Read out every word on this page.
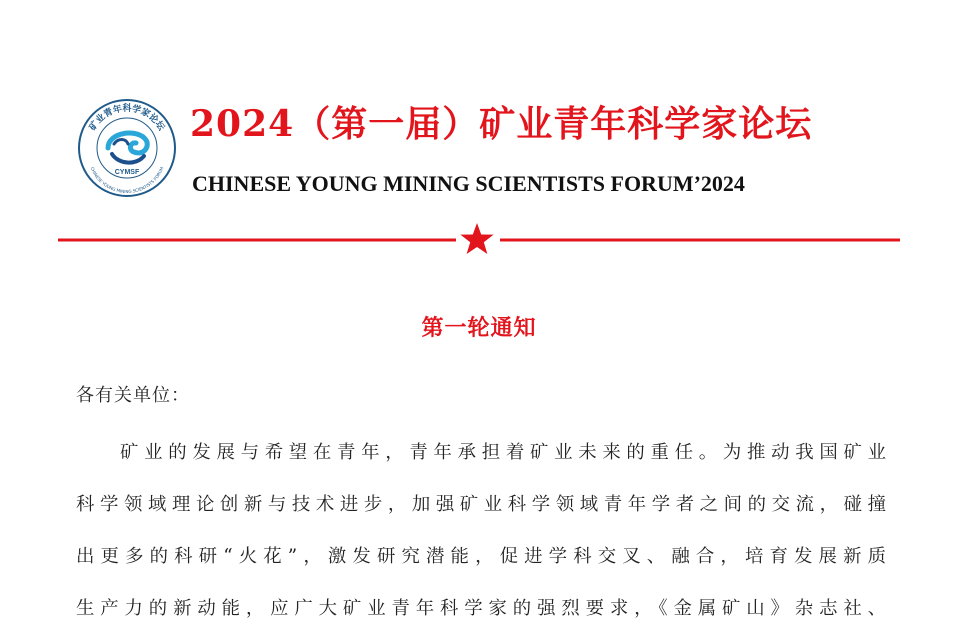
矿业青年科学家论坛
CHINESE YOUNG MINING SCIENTISTS FORUM
CYMSF
2024（第一届）矿业青年科学家论坛
CHINESE YOUNG MINING SCIENTISTS FORUM’2024
第一轮通知
各有关单位：
矿业的发展与希望在青年，青年承担着矿业未来的重任。为推动我国矿业
科学领域理论创新与技术进步，加强矿业科学领域青年学者之间的交流，碰撞
出更多的科研“火花”，激发研究潜能，促进学科交叉、融合，培育发展新质
生产力的新动能，应广大矿业青年科学家的强烈要求，《金属矿山》杂志社、
